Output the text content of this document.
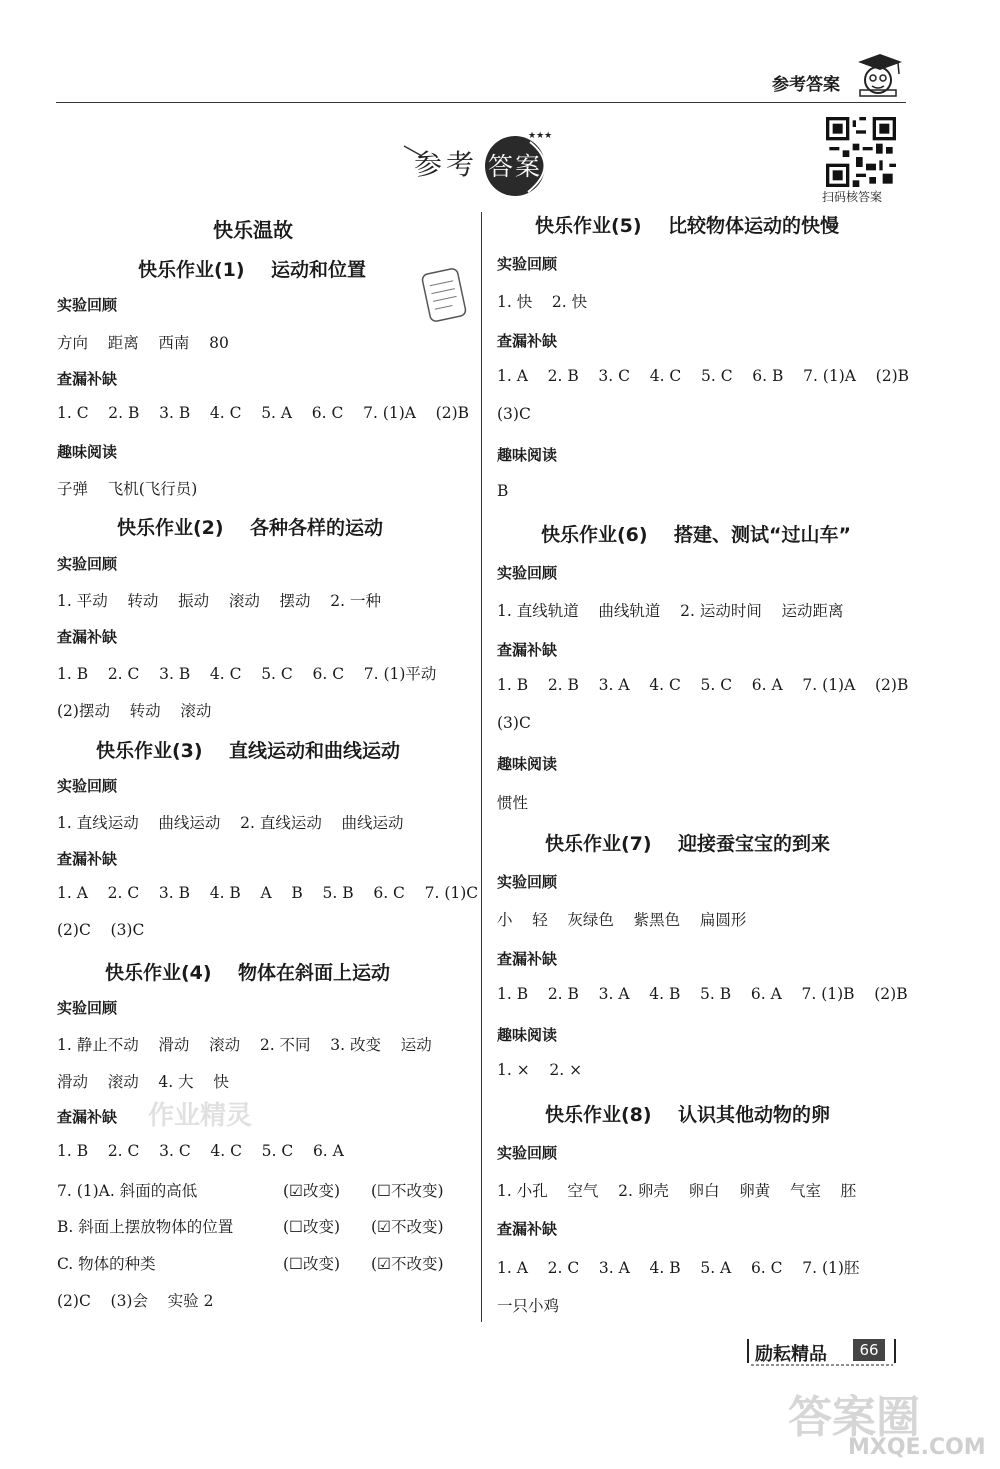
参考答案
参 考 答 案
★★★
扫码核答案
快乐温故
快乐作业(1)    运动和位置
实验回顾
方向    距离    西南    80
查漏补缺
1. C    2. B    3. B    4. C    5. A    6. C    7. (1)A    (2)B
趣味阅读
子弹    飞机(飞行员)
快乐作业(2)    各种各样的运动
实验回顾
1. 平动    转动    振动    滚动    摆动    2. 一种
查漏补缺
1. B    2. C    3. B    4. C    5. C    6. C    7. (1)平动
(2)摆动    转动    滚动
快乐作业(3)    直线运动和曲线运动
实验回顾
1. 直线运动    曲线运动    2. 直线运动    曲线运动
查漏补缺
1. A    2. C    3. B    4. B    A    B    5. B    6. C    7. (1)C
(2)C    (3)C
快乐作业(4)    物体在斜面上运动
实验回顾
1. 静止不动    滑动    滚动    2. 不同    3. 改变    运动
滑动    滚动    4. 大    快
查漏补缺 作业精灵
1. B    2. C    3. C    4. C    5. C    6. A
7. (1)A. 斜面的高低	(☑改变) (☐不改变)
B. 斜面上摆放物体的位置	(☐改变) (☑不改变)
C. 物体的种类	(☐改变) (☑不改变)
(2)C    (3)会    实验 2
快乐作业(5)    比较物体运动的快慢
实验回顾
1. 快    2. 快
查漏补缺
1. A    2. B    3. C    4. C    5. C    6. B    7. (1)A    (2)B
(3)C
趣味阅读
B
快乐作业(6)    搭建、测试“过山车”
实验回顾
1. 直线轨道    曲线轨道    2. 运动时间    运动距离
查漏补缺
1. B    2. B    3. A    4. C    5. C    6. A    7. (1)A    (2)B
(3)C
趣味阅读
惯性
快乐作业(7)    迎接蚕宝宝的到来
实验回顾
小    轻    灰绿色    紫黑色    扁圆形
查漏补缺
1. B    2. B    3. A    4. B    5. B    6. A    7. (1)B    (2)B
趣味阅读
1. ×    2. ×
快乐作业(8)    认识其他动物的卵
实验回顾
1. 小孔    空气    2. 卵壳    卵白    卵黄    气室    胚
查漏补缺
1. A    2. C    3. A    4. B    5. A    6. C    7. (1)胚
一只小鸡
励耘精品	66
答案圈
MXQE.COM
